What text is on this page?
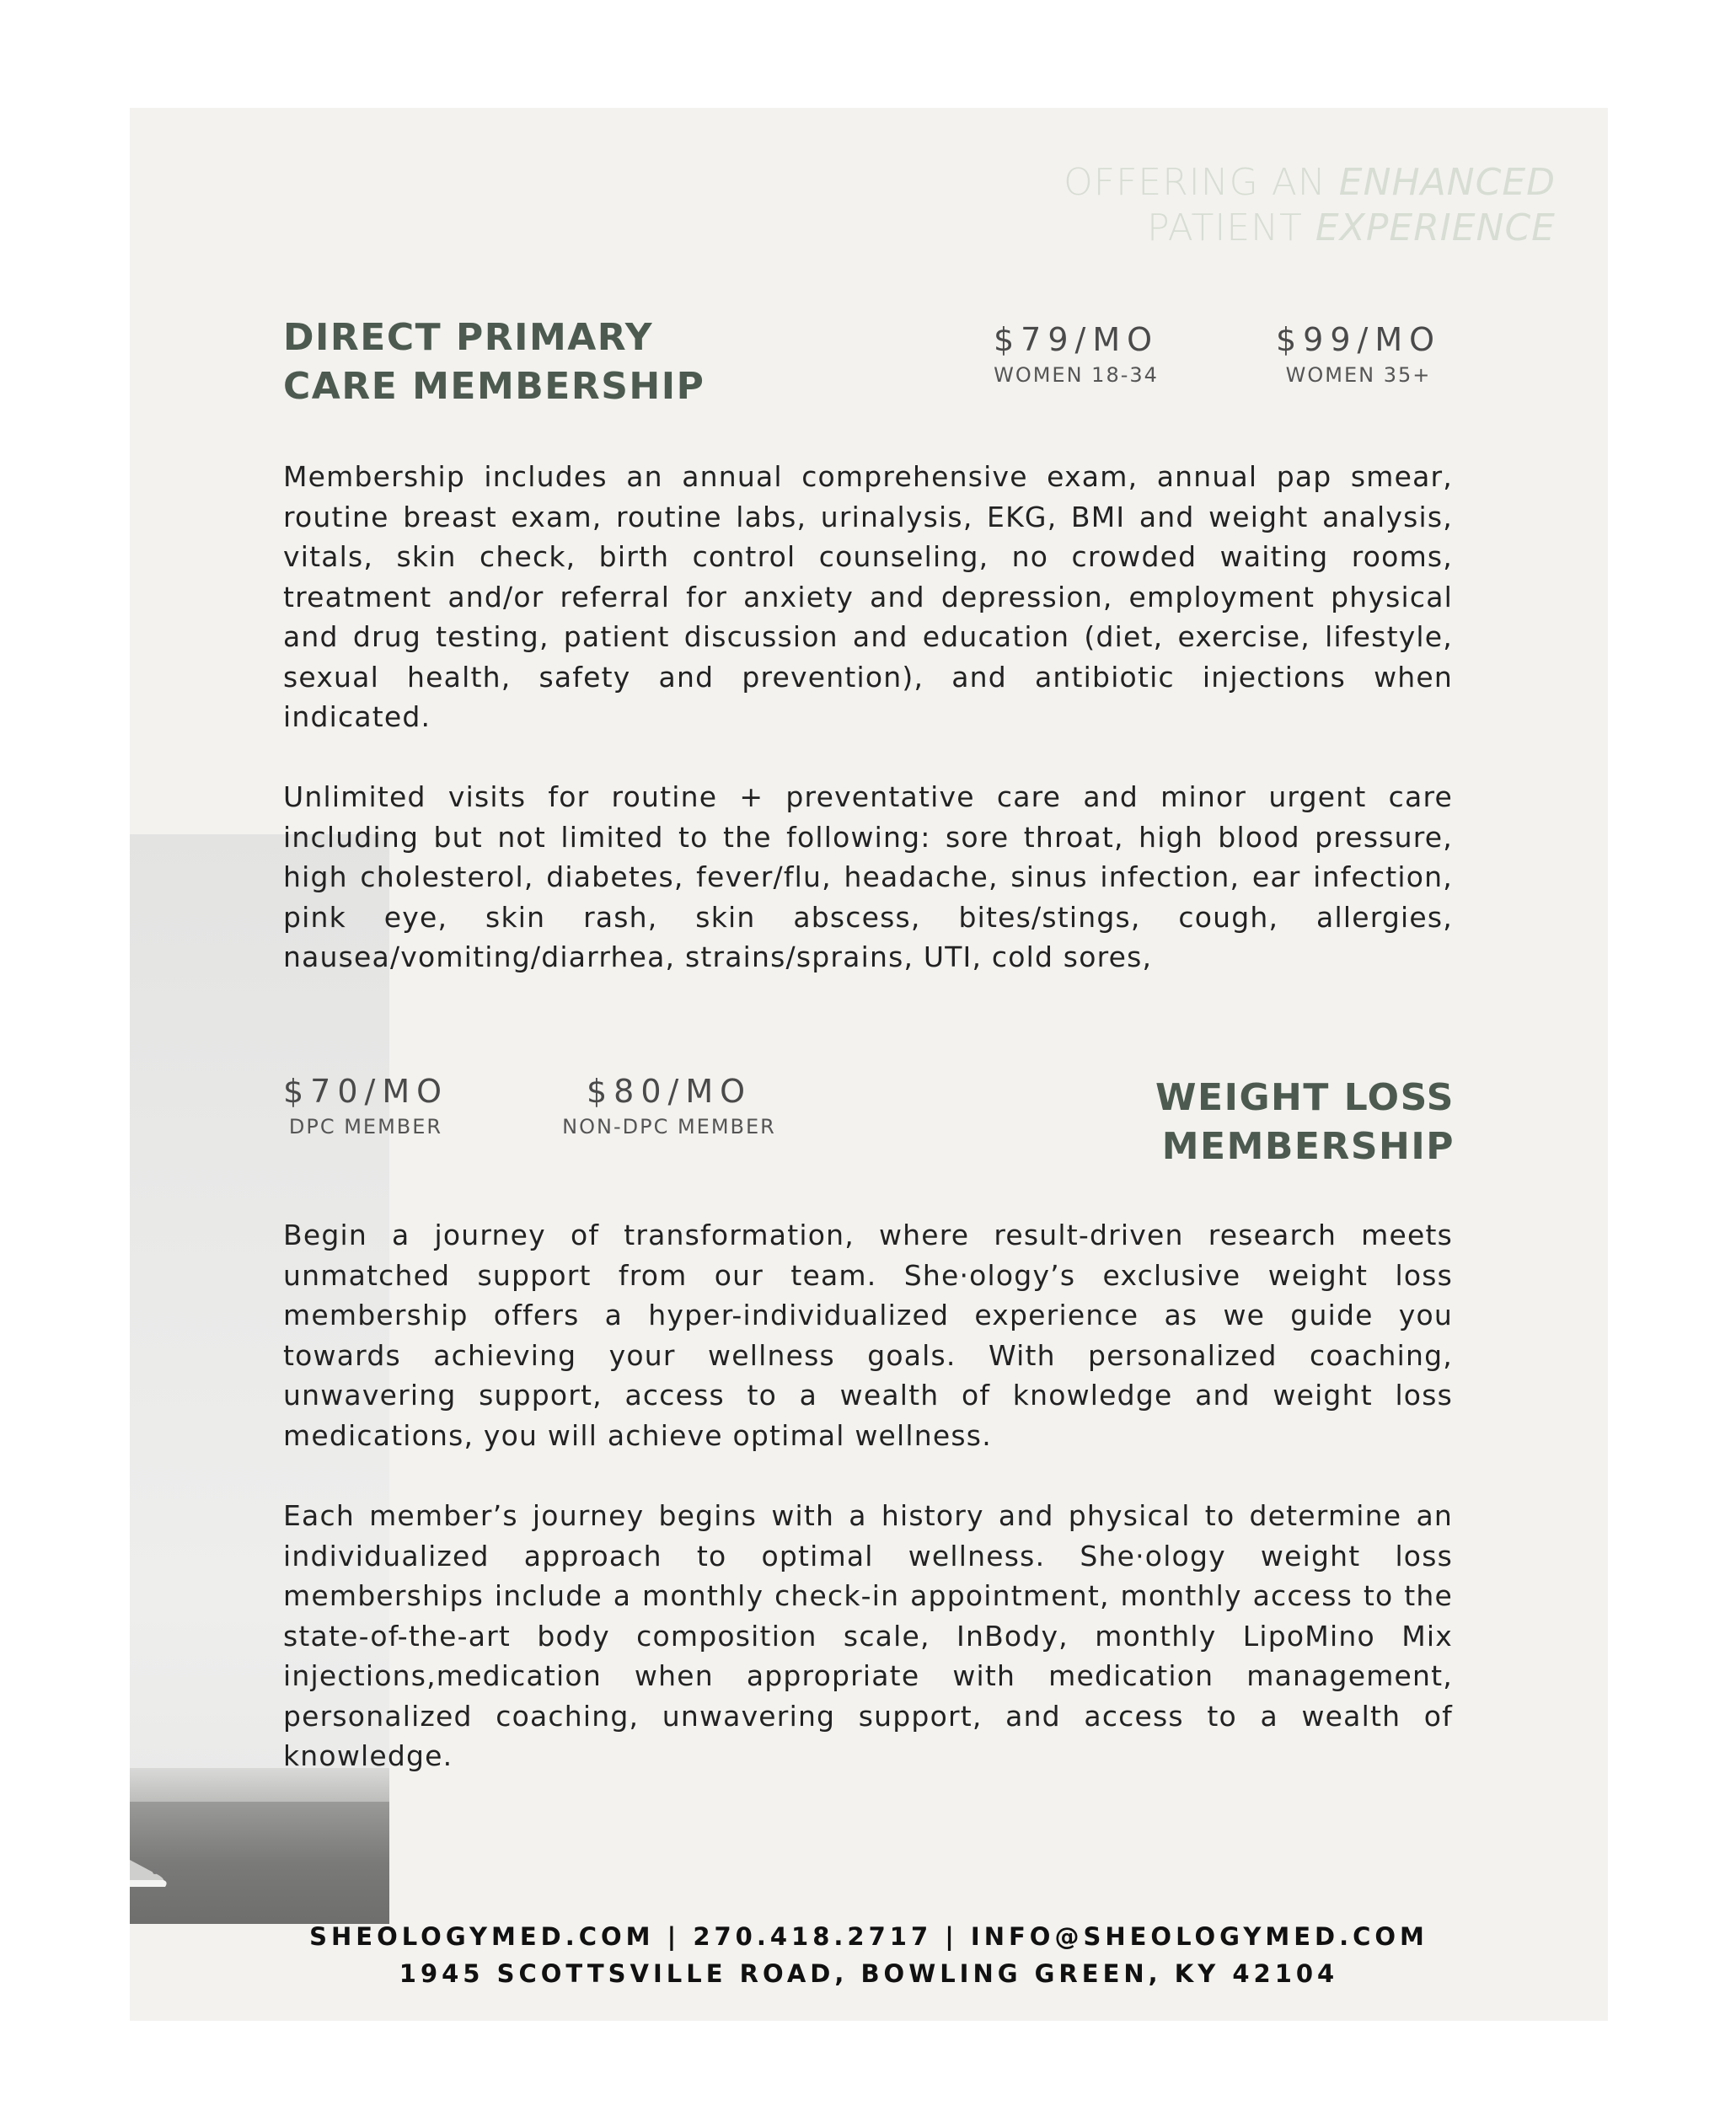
OFFERING AN ENHANCED
PATIENT EXPERIENCE
DIRECT PRIMARY
CARE MEMBERSHIP
$79/MO
WOMEN 18-34
$99/MO
WOMEN 35+

Membership includes an annual comprehensive exam, annual pap smear, routine breast exam, routine labs, urinalysis, EKG, BMI and weight analysis, vitals, skin check, birth control counseling, no crowded waiting rooms, treatment and/or referral for anxiety and depression, employment physical and drug testing, patient discussion and education (diet, exercise, lifestyle, sexual health, safety and prevention), and antibiotic injections when indicated.

Unlimited visits for routine + preventative care and minor urgent care including but not limited to the following: sore throat, high blood pressure, high cholesterol, diabetes, fever/flu, headache, sinus infection, ear infection, pink eye, skin rash, skin abscess, bites/stings, cough, allergies, nausea/vomiting/diarrhea, strains/sprains, UTI, cold sores,

$70/MO
DPC MEMBER
$80/MO
NON-DPC MEMBER
WEIGHT LOSS
MEMBERSHIP

Begin a journey of transformation, where result-driven research meets unmatched support from our team. She·ology’s exclusive weight loss membership offers a hyper-individualized experience as we guide you towards achieving your wellness goals. With personalized coaching, unwavering support, access to a wealth of knowledge and weight loss medications, you will achieve optimal wellness.

Each member’s journey begins with a history and physical to determine an individualized approach to optimal wellness. She·ology weight loss memberships include a monthly check-in appointment, monthly access to the state-of-the-art body composition scale, InBody, monthly LipoMino Mix injections,medication when appropriate with medication management, personalized coaching, unwavering support, and access to a wealth of knowledge.

SHEOLOGYMED.COM | 270.418.2717 | INFO@SHEOLOGYMED.COM
1945 SCOTTSVILLE ROAD, BOWLING GREEN, KY 42104
